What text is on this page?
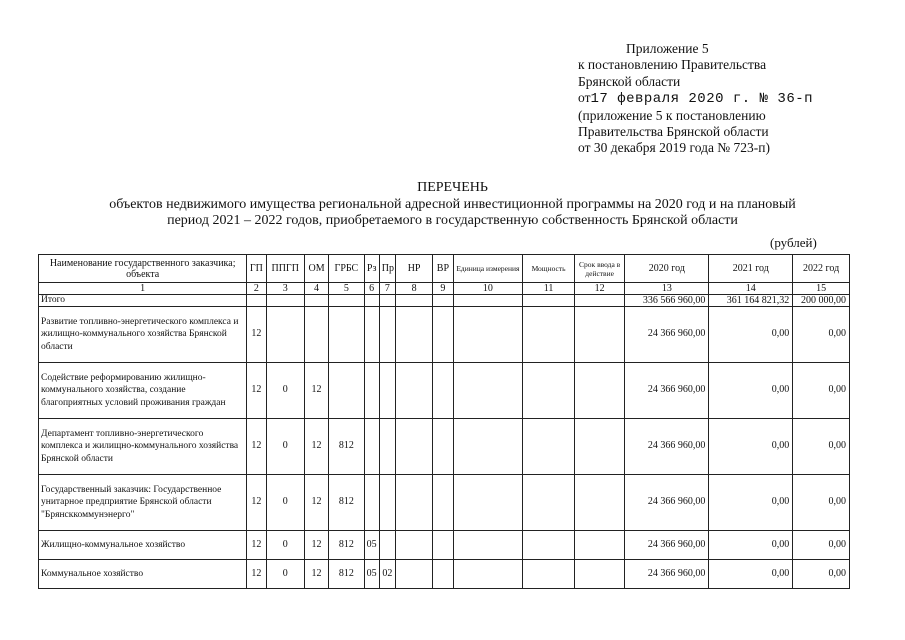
Приложение 5
к постановлению Правительства
Брянской области
от17 февраля 2020 г. № 36-п
(приложение 5 к постановлению
Правительства Брянской области
от 30 декабря 2019 года № 723-п)
ПЕРЕЧЕНЬ
объектов недвижимого имущества региональной адресной инвестиционной программы на 2020 год и на плановый
период 2021 – 2022 годов, приобретаемого в государственную собственность Брянской области
(рублей)
Наименование государственного заказчика; объекта	ГП	ППГП	ОМ	ГРБС	Рз	Пр	НР	ВР	Единица измерения	Мощность	Срок ввода в действие	2020 год	2021 год	2022 год
1	2	3	4	5	6	7	8	9	10	11	12	13	14	15
Итого												336 566 960,00	361 164 821,32	200 000,00
Развитие топливно-энергетического комплекса и жилищно-коммунального хозяйства Брянской области	12											24 366 960,00	0,00	0,00
Содействие реформированию жилищно-коммунального хозяйства, создание благоприятных условий проживания граждан	12	0	12									24 366 960,00	0,00	0,00
Департамент топливно-энергетического комплекса и жилищно-коммунального хозяйства Брянской области	12	0	12	812								24 366 960,00	0,00	0,00
Государственный заказчик: Государственное унитарное предприятие Брянской области "Брянсккоммунэнерго"	12	0	12	812								24 366 960,00	0,00	0,00
Жилищно-коммунальное хозяйство	12	0	12	812	05							24 366 960,00	0,00	0,00
Коммунальное хозяйство	12	0	12	812	05	02						24 366 960,00	0,00	0,00
